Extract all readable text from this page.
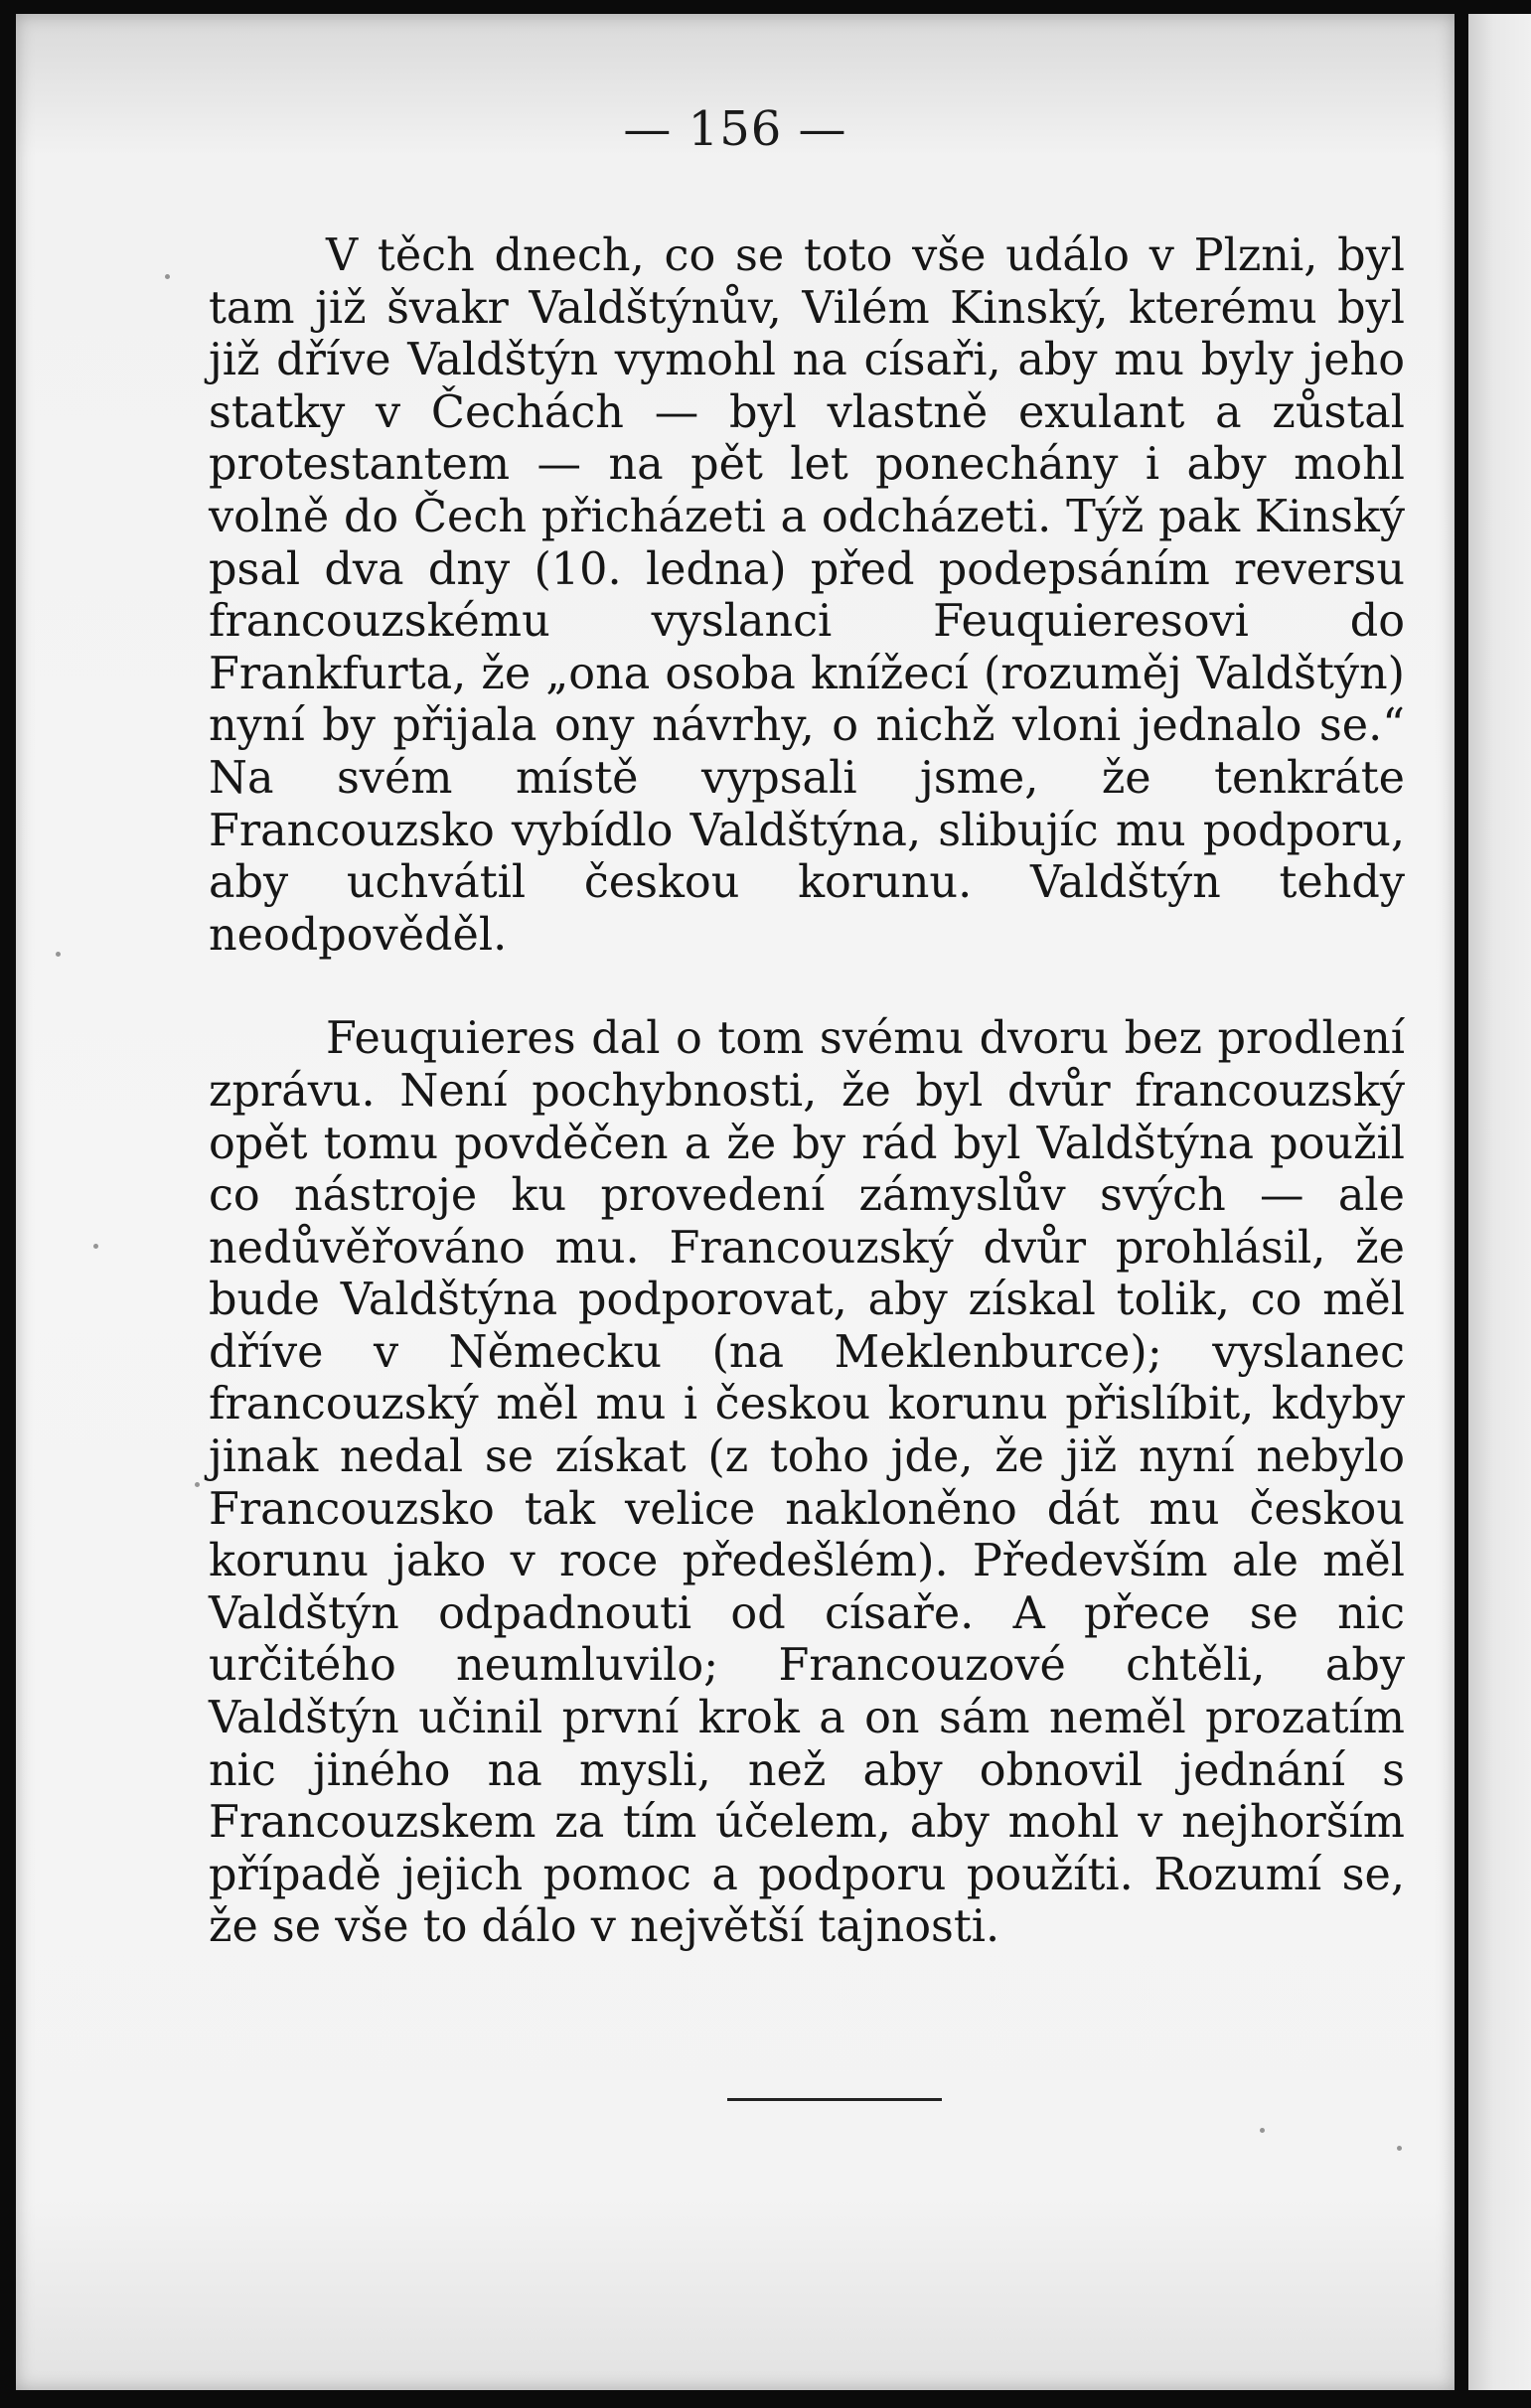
— 156 —

V těch dnech, co se toto vše událo v Plzni, byl tam již švakr Valdštýnův, Vilém Kinský, kterému byl již dříve Valdštýn vymohl na císaři, aby mu byly jeho statky v Čechách — byl vlastně exulant a zůstal protestantem — na pět let ponechány i aby mohl volně do Čech přicházeti a odcházeti. Týž pak Kinský psal dva dny (10. ledna) před podepsáním reversu francouzskému vyslanci Feuquieresovi do Frankfurta, že „ona osoba knížecí (rozuměj Valdštýn) nyní by přijala ony návrhy, o nichž vloni jednalo se.“ Na svém místě vypsali jsme, že tenkráte Francouzsko vybídlo Valdštýna, slibujíc mu podporu, aby uchvátil českou korunu. Valdštýn tehdy neodpověděl.

Feuquieres dal o tom svému dvoru bez prodlení zprávu. Není pochybnosti, že byl dvůr francouzský opět tomu povděčen a že by rád byl Valdštýna použil co nástroje ku provedení zámyslův svých — ale nedůvěřováno mu. Francouzský dvůr prohlásil, že bude Valdštýna podporovat, aby získal tolik, co měl dříve v Německu (na Meklenburce); vyslanec francouzský měl mu i českou korunu přislíbit, kdyby jinak nedal se získat (z toho jde, že již nyní nebylo Francouzsko tak velice nakloněno dát mu českou korunu jako v roce předešlém). Především ale měl Valdštýn odpadnouti od císaře. A přece se nic určitého neumluvilo; Francouzové chtěli, aby Valdštýn učinil první krok a on sám neměl prozatím nic jiného na mysli, než aby obnovil jednání s Francouzskem za tím účelem, aby mohl v nejhorším případě jejich pomoc a podporu použíti. Rozumí se, že se vše to dálo v největší tajnosti.
